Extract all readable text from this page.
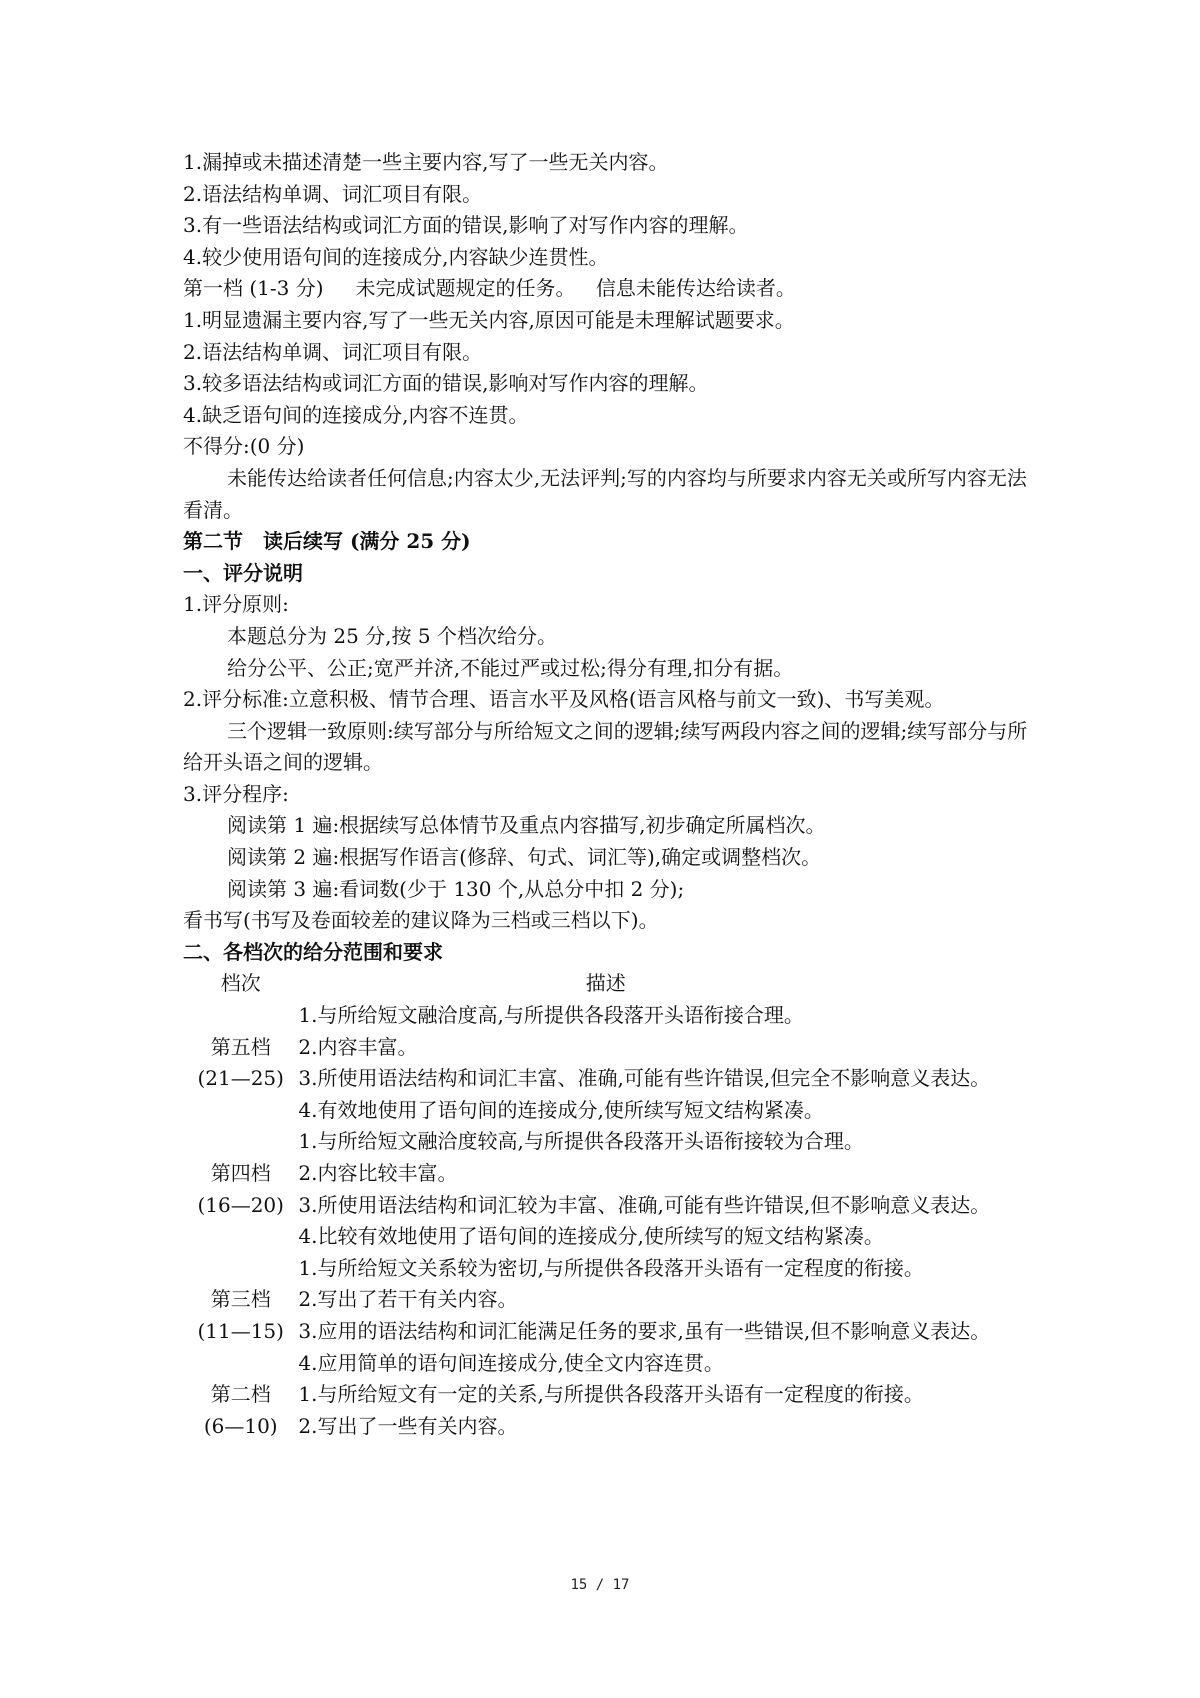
1.漏掉或未描述清楚一些主要内容,写了一些无关内容。
2.语法结构单调、词汇项目有限。
3.有一些语法结构或词汇方面的错误,影响了对写作内容的理解。
4.较少使用语句间的连接成分,内容缺少连贯性。
第一档 (1-3 分) 未完成试题规定的任务。 信息未能传达给读者。
1.明显遗漏主要内容,写了一些无关内容,原因可能是未理解试题要求。
2.语法结构单调、词汇项目有限。
3.较多语法结构或词汇方面的错误,影响对写作内容的理解。
4.缺乏语句间的连接成分,内容不连贯。
不得分:(0 分)
未能传达给读者任何信息;内容太少,无法评判;写的内容均与所要求内容无关或所写内容无法看清。
第二节　读后续写 (满分 25 分)
一、评分说明
1.评分原则:
本题总分为 25 分,按 5 个档次给分。
给分公平、公正;宽严并济,不能过严或过松;得分有理,扣分有据。
2.评分标准:立意积极、情节合理、语言水平及风格(语言风格与前文一致)、书写美观。
三个逻辑一致原则:续写部分与所给短文之间的逻辑;续写两段内容之间的逻辑;续写部分与所给开头语之间的逻辑。
3.评分程序:
阅读第 1 遍:根据续写总体情节及重点内容描写,初步确定所属档次。
阅读第 2 遍:根据写作语言(修辞、句式、词汇等),确定或调整档次。
阅读第 3 遍:看词数(少于 130 个,从总分中扣 2 分);
看书写(书写及卷面较差的建议降为三档或三档以下)。
二、各档次的给分范围和要求
档次	描述

第五档
(21—25)	1.与所给短文融洽度高,与所提供各段落开头语衔接合理。
2.内容丰富。
3.所使用语法结构和词汇丰富、准确,可能有些许错误,但完全不影响意义表达。
4.有效地使用了语句间的连接成分,使所续写短文结构紧凑。

第四档
(16—20)	1.与所给短文融洽度较高,与所提供各段落开头语衔接较为合理。
2.内容比较丰富。
3.所使用语法结构和词汇较为丰富、准确,可能有些许错误,但不影响意义表达。
4.比较有效地使用了语句间的连接成分,使所续写的短文结构紧凑。

第三档
(11—15)	1.与所给短文关系较为密切,与所提供各段落开头语有一定程度的衔接。
2.写出了若干有关内容。
3.应用的语法结构和词汇能满足任务的要求,虽有一些错误,但不影响意义表达。
4.应用简单的语句间连接成分,使全文内容连贯。

第二档
(6—10)	1.与所给短文有一定的关系,与所提供各段落开头语有一定程度的衔接。
2.写出了一些有关内容。
15 / 17
